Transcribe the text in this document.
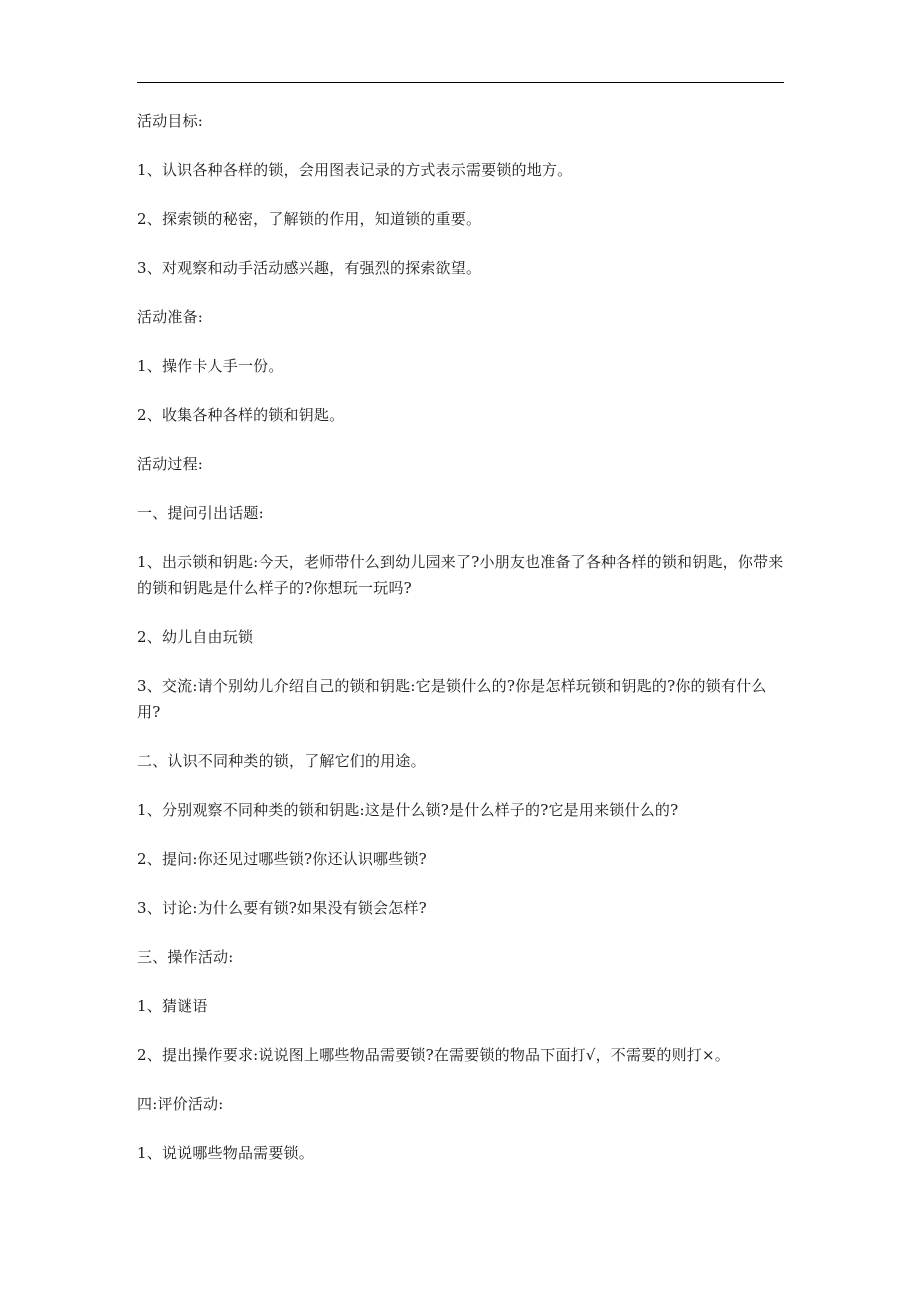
活动目标:

1、认识各种各样的锁，会用图表记录的方式表示需要锁的地方。

2、探索锁的秘密，了解锁的作用，知道锁的重要。

3、对观察和动手活动感兴趣，有强烈的探索欲望。

活动准备:

1、操作卡人手一份。

2、收集各种各样的锁和钥匙。

活动过程:

一、提问引出话题:

1、出示锁和钥匙:今天，老师带什么到幼儿园来了?小朋友也准备了各种各样的锁和钥匙，你带来的锁和钥匙是什么样子的?你想玩一玩吗?

2、幼儿自由玩锁

3、交流:请个别幼儿介绍自己的锁和钥匙:它是锁什么的?你是怎样玩锁和钥匙的?你的锁有什么用?

二、认识不同种类的锁，了解它们的用途。

1、分别观察不同种类的锁和钥匙:这是什么锁?是什么样子的?它是用来锁什么的?

2、提问:你还见过哪些锁?你还认识哪些锁?

3、讨论:为什么要有锁?如果没有锁会怎样?

三、操作活动:

1、猜谜语

2、提出操作要求:说说图上哪些物品需要锁?在需要锁的物品下面打√，不需要的则打×。

四:评价活动:

1、说说哪些物品需要锁。
